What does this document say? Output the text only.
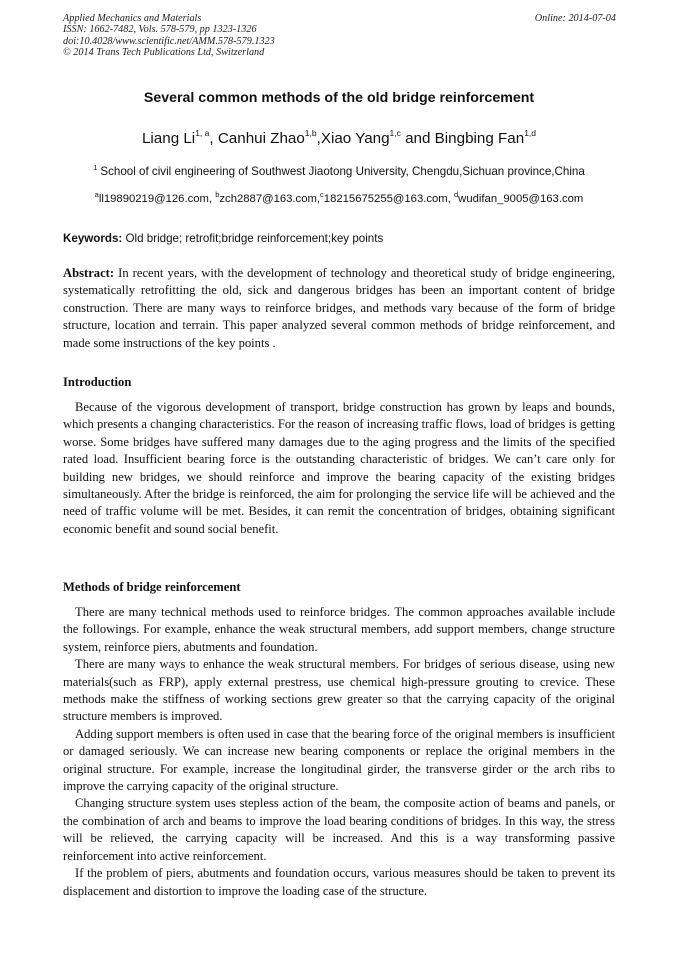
Applied Mechanics and Materials
ISSN: 1662-7482, Vols. 578-579, pp 1323-1326
doi:10.4028/www.scientific.net/AMM.578-579.1323
© 2014 Trans Tech Publications Ltd, Switzerland
Online: 2014-07-04
Several common methods of the old bridge reinforcement
Liang Li$^{1, a}$, Canhui Zhao$^{1,b}$,Xiao Yang$^{1,c}$ and Bingbing Fan$^{1,d}$
$^1$ School of civil engineering of Southwest Jiaotong University, Chengdu,Sichuan province,China
$^a$ll19890219@126.com, $^b$zch2887@163.com,$^c$18215675255@163.com, $^d$wudifan_9005@163.com
Keywords: Old bridge; retrofit;bridge reinforcement;key points

Abstract: In recent years, with the development of technology and theoretical study of bridge engineering, systematically retrofitting the old, sick and dangerous bridges has been an important content of bridge construction. There are many ways to reinforce bridges, and methods vary because of the form of bridge structure, location and terrain. This paper analyzed several common methods of bridge reinforcement, and made some instructions of the key points .

Introduction

Because of the vigorous development of transport, bridge construction has grown by leaps and bounds, which presents a changing characteristics. For the reason of increasing traffic flows, load of bridges is getting worse. Some bridges have suffered many damages due to the aging progress and the limits of the specified rated load. Insufficient bearing force is the outstanding characteristic of bridges. We can’t care only for building new bridges, we should reinforce and improve the bearing capacity of the existing bridges simultaneously. After the bridge is reinforced, the aim for prolonging the service life will be achieved and the need of traffic volume will be met. Besides, it can remit the concentration of bridges, obtaining significant economic benefit and sound social benefit.

Methods of bridge reinforcement

There are many technical methods used to reinforce bridges. The common approaches available include the followings. For example, enhance the weak structural members, add support members, change structure system, reinforce piers, abutments and foundation.

There are many ways to enhance the weak structural members. For bridges of serious disease, using new materials(such as FRP), apply external prestress, use chemical high-pressure grouting to crevice. These methods make the stiffness of working sections grew greater so that the carrying capacity of the original structure members is improved.

Adding support members is often used in case that the bearing force of the original members is insufficient or damaged seriously. We can increase new bearing components or replace the original members in the original structure. For example, increase the longitudinal girder, the transverse girder or the arch ribs to improve the carrying capacity of the original structure.

Changing structure system uses stepless action of the beam, the composite action of beams and panels, or the combination of arch and beams to improve the load bearing conditions of bridges. In this way, the stress will be relieved, the carrying capacity will be increased. And this is a way transforming passive reinforcement into active reinforcement.

If the problem of piers, abutments and foundation occurs, various measures should be taken to prevent its displacement and distortion to improve the loading case of the structure.
